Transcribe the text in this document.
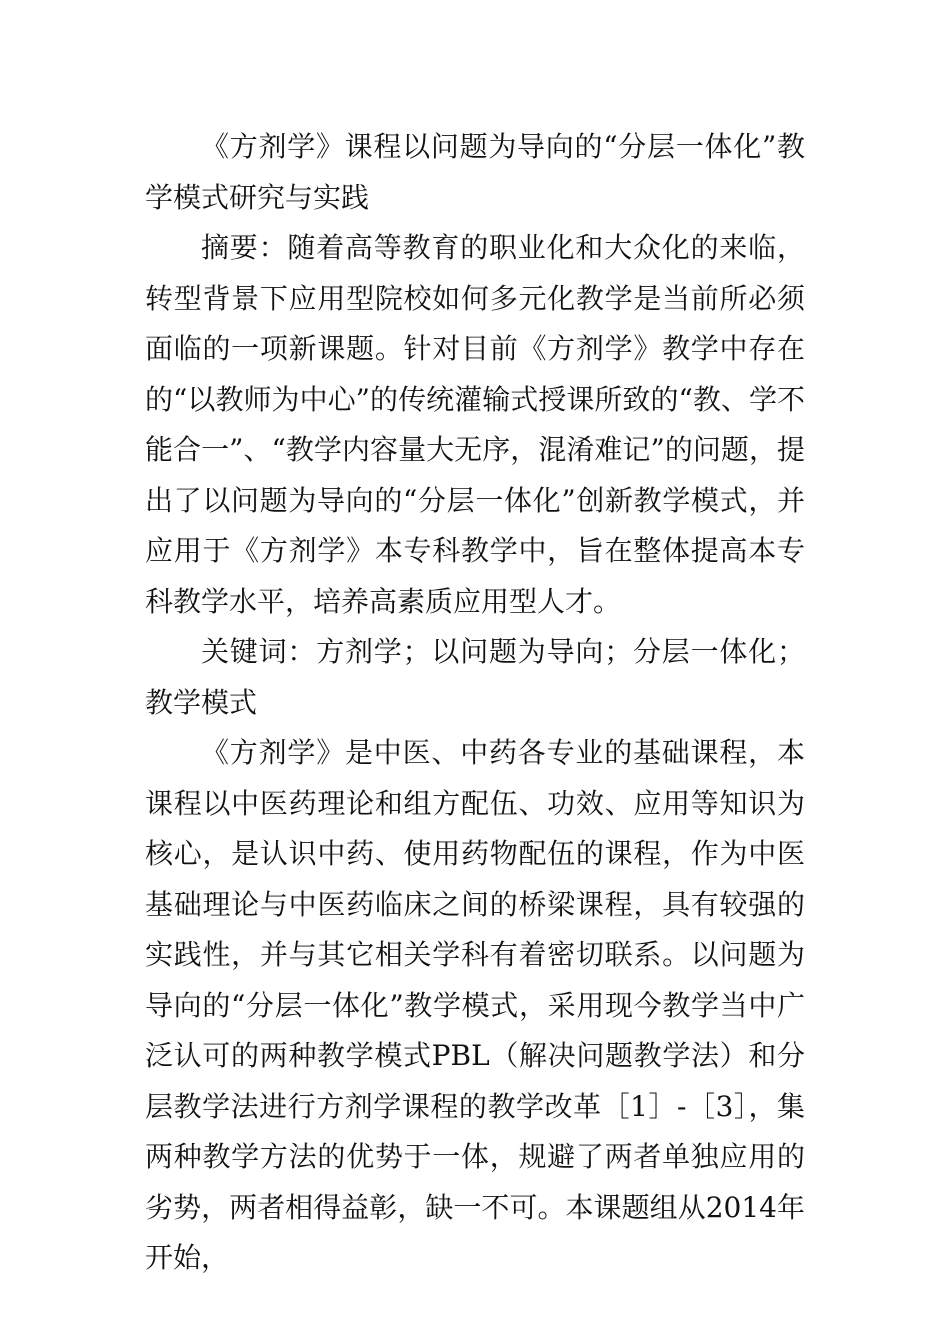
《方剂学》课程以问题为导向的“分层一体化”教学模式研究与实践

摘要：随着高等教育的职业化和大众化的来临，转型背景下应用型院校如何多元化教学是当前所必须面临的一项新课题。针对目前《方剂学》教学中存在的“以教师为中心”的传统灌输式授课所致的“教、学不能合一”、“教学内容量大无序，混淆难记”的问题，提出了以问题为导向的“分层一体化”创新教学模式，并应用于《方剂学》本专科教学中，旨在整体提高本专科教学水平，培养高素质应用型人才。

关键词：方剂学；以问题为导向；分层一体化；教学模式

《方剂学》是中医、中药各专业的基础课程，本课程以中医药理论和组方配伍、功效、应用等知识为核心，是认识中药、使用药物配伍的课程，作为中医基础理论与中医药临床之间的桥梁课程，具有较强的实践性，并与其它相关学科有着密切联系。以问题为导向的“分层一体化”教学模式，采用现今教学当中广泛认可的两种教学模式PBL（解决问题教学法）和分层教学法进行方剂学课程的教学改革［1］-［3］，集两种教学方法的优势于一体，规避了两者单独应用的劣势，两者相得益彰，缺一不可。本课题组从2014年开始，
